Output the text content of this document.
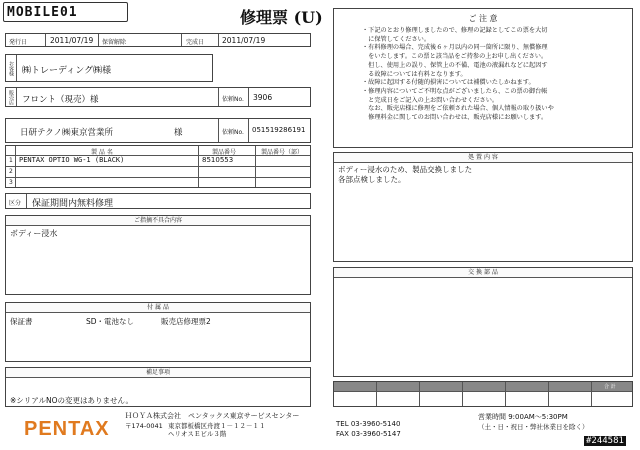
MOBILE01	修理票 (U)
発行日	2011/07/19 保留解除	完成日 2011/07/19
お客様 ㈱トレーディング㈱様
販売店 フロント（現売）様	依頼No. 3906
日研テクノ㈱東京営業所	様	依頼No. 051519286191
製 品 名	製品番号	製品番号（部）
1 PENTAX OPTIO WG-1 (BLACK)	8510553
2
3
区分 保証期間内無料修理
ご指摘不具合内容
ボディー浸水
付 属 品
保証書	SD・電池なし	販売店修理票2
補足事項
※シリアルNOの変更はありません。
ご 注 意
・下記のとおり修理しましたので、修理の記録としてこの票を大切
　に保管してください。
・有料修理の場合、完成後６ヶ月以内の同一箇所に限り、無償修理
　をいたします。この票と該当品をご持参の上お申し出ください。
　但し、使用上の誤り、保管上の不備、電池の液漏れなどに起因す
　る故障については有料となります。
・故障に起因する付随的損害については補償いたしかねます。
・修理内容についてご不明な点がございましたら、この票の御台帳
　と完成日をご記入の上お問い合わせください。
　なお、販売店様に修理をご依頼された場合、個人情報の取り扱いや
　修理料金に関してのお問い合わせは、販売店様にお願いします。
処 置 内 容
ボディー浸水のため、製品交換しました
各部点検しました。
交 換 部 品
合 計
PENTAX
ＨＯＹＡ株式会社　ペンタックス東京サービスセンター
〒174-0041 東京都板橋区舟渡１－１２－１１
ヘリオスＥビル３階
TEL 03-3960-5140
FAX 03-3960-5147
営業時間 9:00AM～5:30PM
（土・日・祝日・弊社休業日を除く）
#244581
